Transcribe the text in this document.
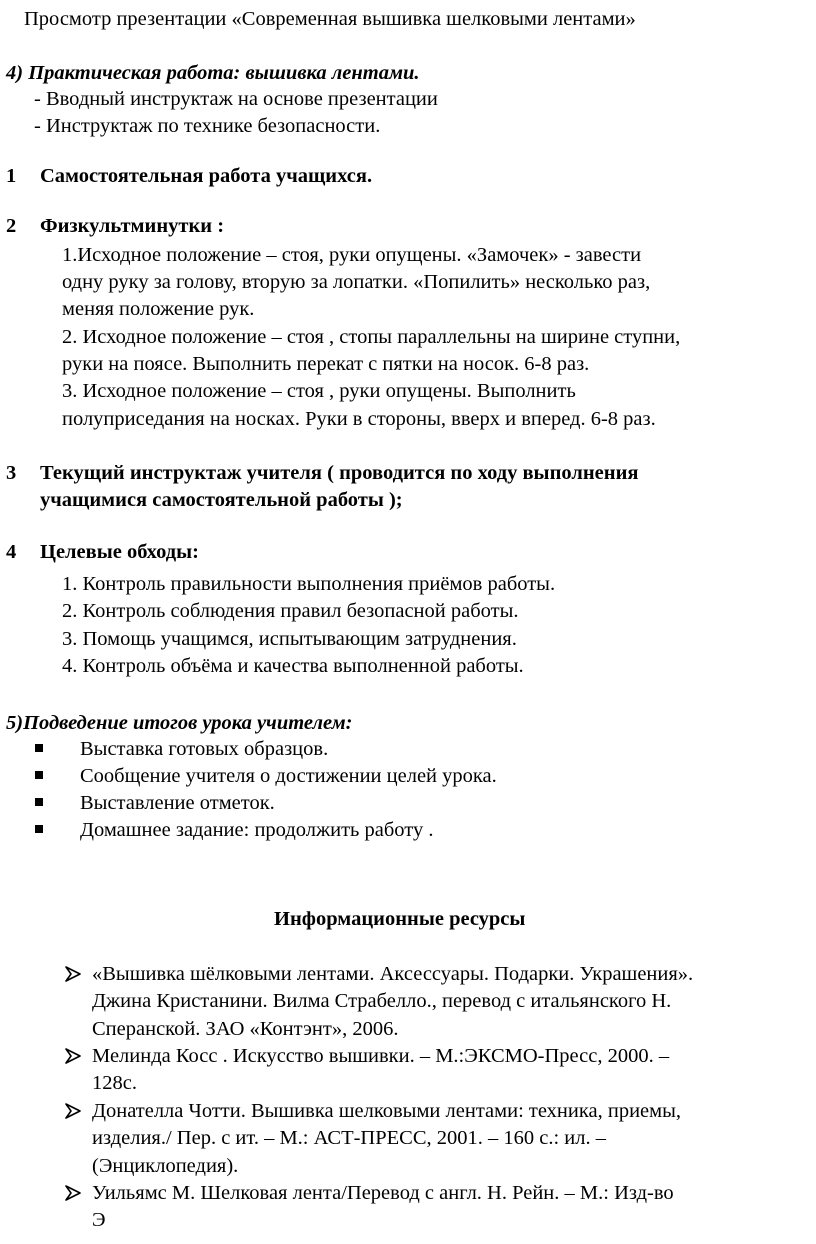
Просмотр презентации «Современная вышивка шелковыми лентами»
4) Практическая работа: вышивка лентами.
- Вводный инструктаж на основе презентации
- Инструктаж по технике безопасности.
1 Самостоятельная работа учащихся.
2 Физкультминутки :
1.Исходное положение – стоя, руки опущены. «Замочек» - завести
одну руку за голову, вторую за лопатки. «Попилить» несколько раз,
меняя положение рук.
2. Исходное положение – стоя , стопы параллельны на ширине ступни,
руки на поясе. Выполнить перекат с пятки на носок. 6-8 раз.
3. Исходное положение – стоя , руки опущены. Выполнить
полуприседания на носках. Руки в стороны, вверх и вперед. 6-8 раз.
3 Текущий инструктаж учителя ( проводится по ходу выполнения
учащимися самостоятельной работы );
4 Целевые обходы:
1. Контроль правильности выполнения приёмов работы.
2. Контроль соблюдения правил безопасной работы.
3. Помощь учащимся, испытывающим затруднения.
4. Контроль объёма и качества выполненной работы.
5)Подведение итогов урока учителем:
Выставка готовых образцов.
Сообщение учителя о достижении целей урока.
Выставление отметок.
Домашнее задание: продолжить работу .
Информационные ресурсы
«Вышивка шёлковыми лентами. Аксессуары. Подарки. Украшения».
Джина Кристанини. Вилма Страбелло., перевод с итальянского Н.
Сперанской. ЗАО «Контэнт», 2006.
Мелинда Косс . Искусство вышивки. – М.:ЭКСМО-Пресс, 2000. –
128с.
Донателла Чотти. Вышивка шелковыми лентами: техника, приемы,
изделия./ Пер. с ит. – М.: АСТ-ПРЕСС, 2001. – 160 с.: ил. –
(Энциклопедия).
Уильямс М. Шелковая лента/Перевод с англ. Н. Рейн. – М.: Изд-во
Э
